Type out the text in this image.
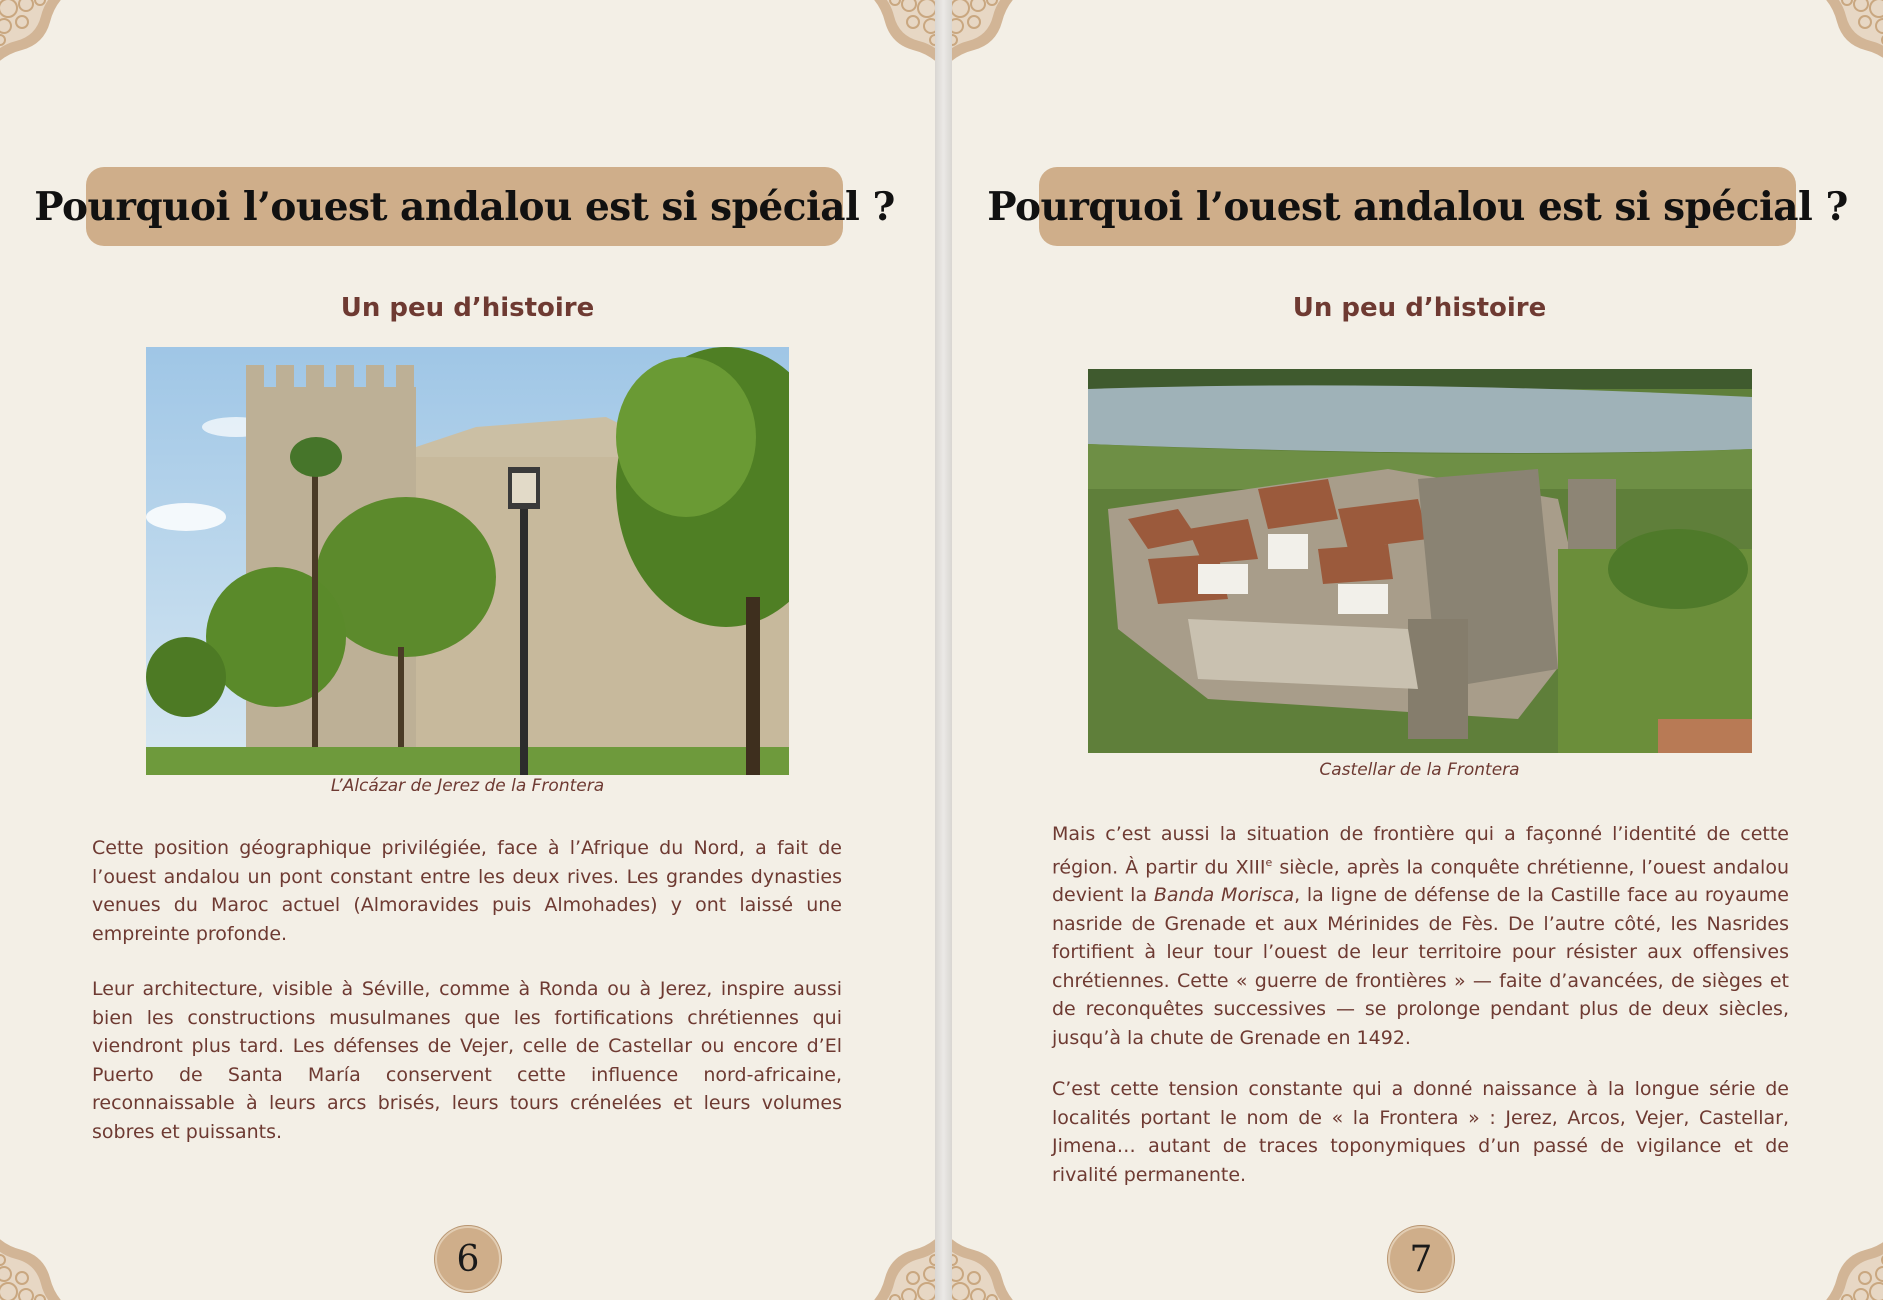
Pourquoi l’ouest andalou est si spécial ?
Un peu d’histoire
L’Alcázar de Jerez de la Frontera

Cette position géographique privilégiée, face à l’Afrique du Nord, a fait de l’ouest andalou un pont constant entre les deux rives. Les grandes dynasties venues du Maroc actuel (Almoravides puis Almohades) y ont laissé une empreinte profonde.

Leur architecture, visible à Séville, comme à Ronda ou à Jerez, inspire aussi bien les constructions musulmanes que les fortifications chrétiennes qui viendront plus tard. Les défenses de Vejer, celle de Castellar ou encore d’El Puerto de Santa María conservent cette influence nord-africaine, reconnaissable à leurs arcs brisés, leurs tours crénelées et leurs volumes sobres et puissants.

6
Pourquoi l’ouest andalou est si spécial ?
Un peu d’histoire
Castellar de la Frontera

Mais c’est aussi la situation de frontière qui a façonné l’identité de cette région. À partir du XIIIe siècle, après la conquête chrétienne, l’ouest andalou devient la Banda Morisca, la ligne de défense de la Castille face au royaume nasride de Grenade et aux Mérinides de Fès. De l’autre côté, les Nasrides fortifient à leur tour l’ouest de leur territoire pour résister aux offensives chrétiennes. Cette « guerre de frontières » — faite d’avancées, de sièges et de reconquêtes successives — se prolonge pendant plus de deux siècles, jusqu’à la chute de Grenade en 1492.

C’est cette tension constante qui a donné naissance à la longue série de localités portant le nom de « la Frontera » : Jerez, Arcos, Vejer, Castellar, Jimena… autant de traces toponymiques d’un passé de vigilance et de rivalité permanente.

7
